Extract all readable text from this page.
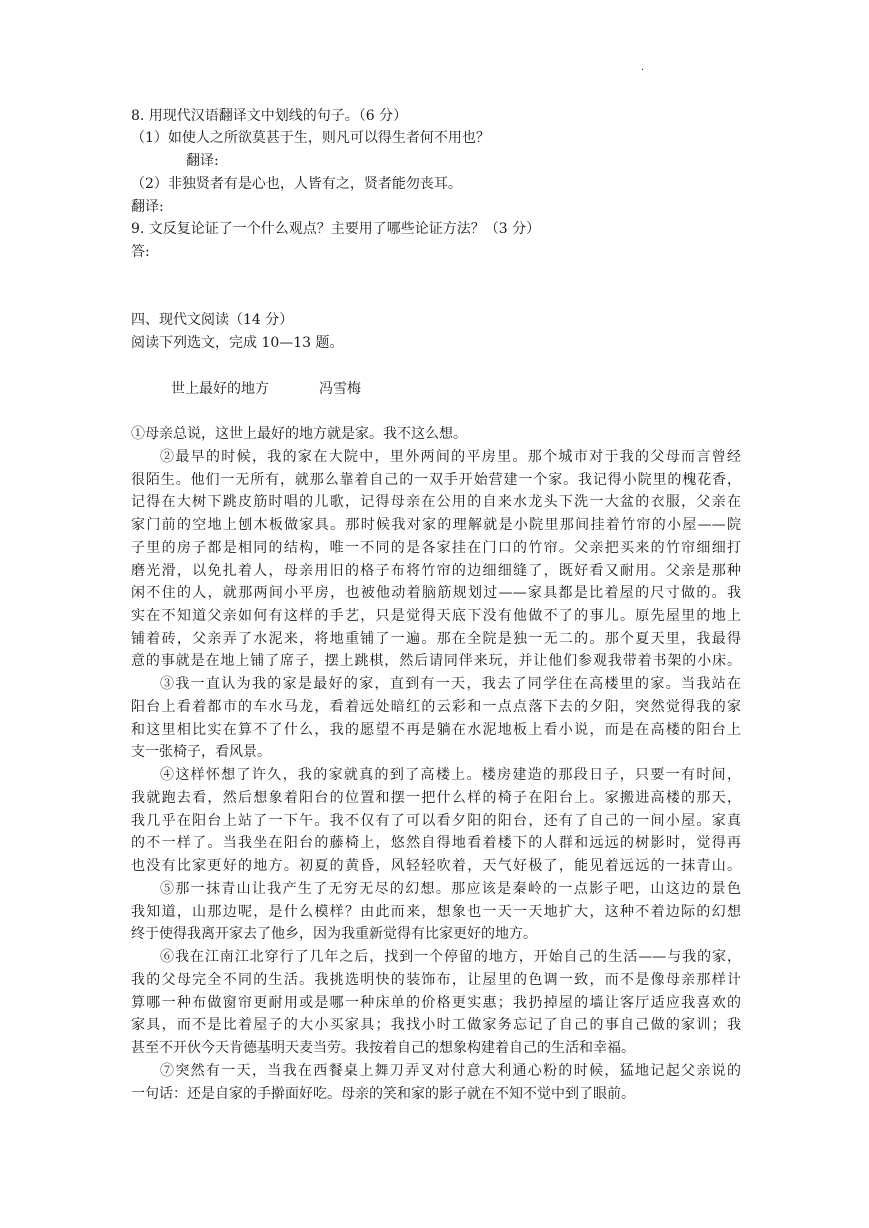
.
8. 用现代汉语翻译文中划线的句子。（6 分）
（1）如使人之所欲莫甚于生，则凡可以得生者何不用也？
翻译:
（2）非独贤者有是心也，人皆有之，贤者能勿丧耳。
翻译:
9. 文反复论证了一个什么观点？主要用了哪些论证方法？（3 分）
答:
四、现代文阅读（14 分）
阅读下列选文，完成 10—13 题。
世上最好的地方	冯雪梅
①母亲总说，这世上最好的地方就是家。我不这么想。
②最早的时候，我的家在大院中，里外两间的平房里。那个城市对于我的父母而言曾经
很陌生。他们一无所有，就那么靠着自己的一双手开始营建一个家。我记得小院里的槐花香，
记得在大树下跳皮筋时唱的儿歌，记得母亲在公用的自来水龙头下洗一大盆的衣服，父亲在
家门前的空地上刨木板做家具。那时候我对家的理解就是小院里那间挂着竹帘的小屋——院
子里的房子都是相同的结构，唯一不同的是各家挂在门口的竹帘。父亲把买来的竹帘细细打
磨光滑，以免扎着人，母亲用旧的格子布将竹帘的边细细缝了，既好看又耐用。父亲是那种
闲不住的人，就那两间小平房，也被他动着脑筋规划过——家具都是比着屋的尺寸做的。我
实在不知道父亲如何有这样的手艺，只是觉得天底下没有他做不了的事儿。原先屋里的地上
铺着砖，父亲弄了水泥来，将地重铺了一遍。那在全院是独一无二的。那个夏天里，我最得
意的事就是在地上铺了席子，摆上跳棋，然后请同伴来玩，并让他们参观我带着书架的小床。
③我一直认为我的家是最好的家，直到有一天，我去了同学住在高楼里的家。当我站在
阳台上看着都市的车水马龙，看着远处暗红的云彩和一点点落下去的夕阳，突然觉得我的家
和这里相比实在算不了什么，我的愿望不再是躺在水泥地板上看小说，而是在高楼的阳台上
支一张椅子，看风景。
④这样怀想了许久，我的家就真的到了高楼上。楼房建造的那段日子，只要一有时间，
我就跑去看，然后想象着阳台的位置和摆一把什么样的椅子在阳台上。家搬进高楼的那天，
我几乎在阳台上站了一下午。我不仅有了可以看夕阳的阳台，还有了自己的一间小屋。家真
的不一样了。当我坐在阳台的藤椅上，悠然自得地看着楼下的人群和远远的树影时，觉得再
也没有比家更好的地方。初夏的黄昏，风轻轻吹着，天气好极了，能见着远远的一抹青山。
⑤那一抹青山让我产生了无穷无尽的幻想。那应该是秦岭的一点影子吧，山这边的景色
我知道，山那边呢，是什么模样？由此而来，想象也一天一天地扩大，这种不着边际的幻想
终于使得我离开家去了他乡，因为我重新觉得有比家更好的地方。
⑥我在江南江北穿行了几年之后，找到一个停留的地方，开始自己的生活——与我的家，
我的父母完全不同的生活。我挑选明快的装饰布，让屋里的色调一致，而不是像母亲那样计
算哪一种布做窗帘更耐用或是哪一种床单的价格更实惠；我扔掉屋的墙让客厅适应我喜欢的
家具，而不是比着屋子的大小买家具；我找小时工做家务忘记了自己的事自己做的家训；我
甚至不开伙今天肯德基明天麦当劳。我按着自己的想象构建着自己的生活和幸福。
⑦突然有一天，当我在西餐桌上舞刀弄叉对付意大利通心粉的时候，猛地记起父亲说的
一句话：还是自家的手擀面好吃。母亲的笑和家的影子就在不知不觉中到了眼前。
